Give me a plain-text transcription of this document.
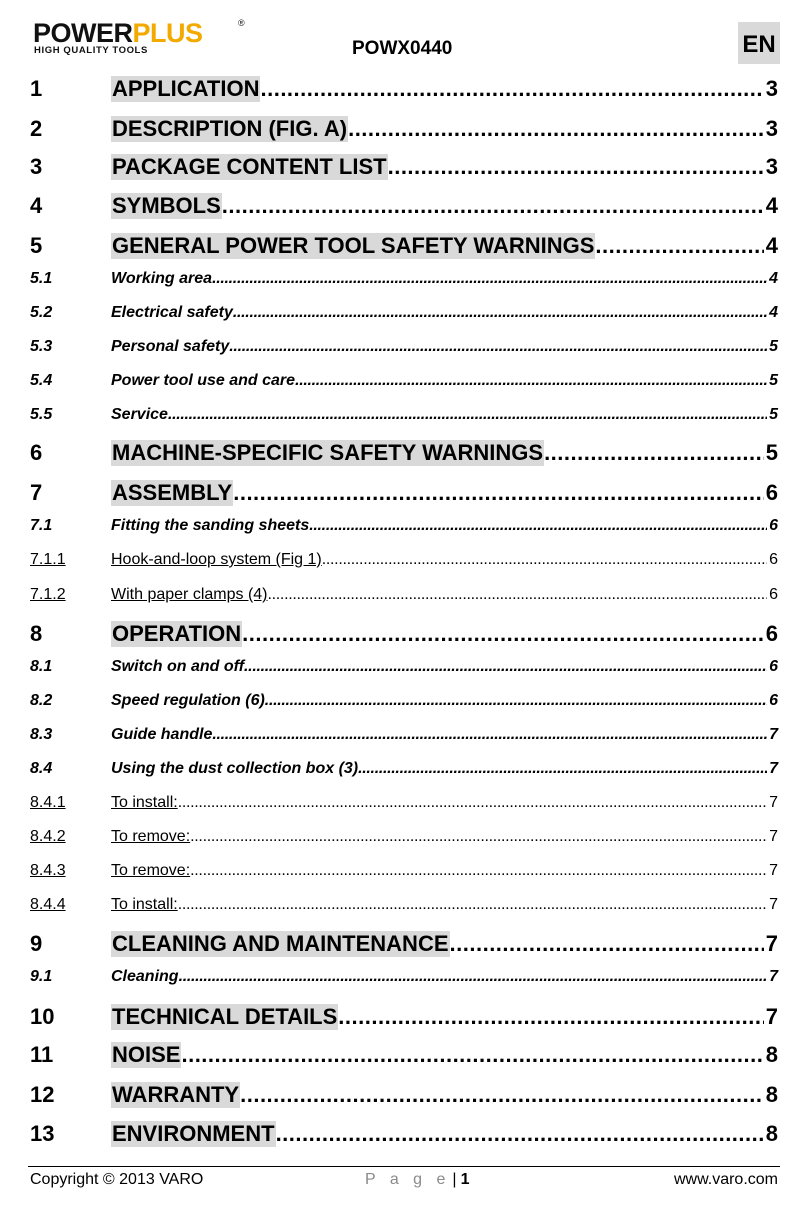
POWERPLUS	®
HIGH QUALITY TOOLS	POWX0440	EN
1	APPLICATION .....	3
2	DESCRIPTION (FIG. A) .....	3
3	PACKAGE CONTENT LIST .....	3
4	SYMBOLS .....	4
5	GENERAL POWER TOOL SAFETY WARNINGS .....	4
5.1	Working area .....	4
5.2	Electrical safety .....	4
5.3	Personal safety .....	5
5.4	Power tool use and care .....	5
5.5	Service .....	5
6	MACHINE-SPECIFIC SAFETY WARNINGS .....	5
7	ASSEMBLY .....	6
7.1	Fitting the sanding sheets .....	6
7.1.1	Hook-and-loop system (Fig 1) .....	6
7.1.2	With paper clamps (4) .....	6
8	OPERATION .....	6
8.1	Switch on and off .....	6
8.2	Speed regulation (6) .....	6
8.3	Guide handle .....	7
8.4	Using the dust collection box (3) .....	7
8.4.1	To install: .....	7
8.4.2	To remove: .....	7
8.4.3	To remove: .....	7
8.4.4	To install: .....	7
9	CLEANING AND MAINTENANCE .....	7
9.1	Cleaning .....	7
10	TECHNICAL DETAILS .....	7
11	NOISE .....	8
12	WARRANTY .....	8
13	ENVIRONMENT .....	8
Copyright © 2013 VARO	P a g e | 1	www.varo.com
